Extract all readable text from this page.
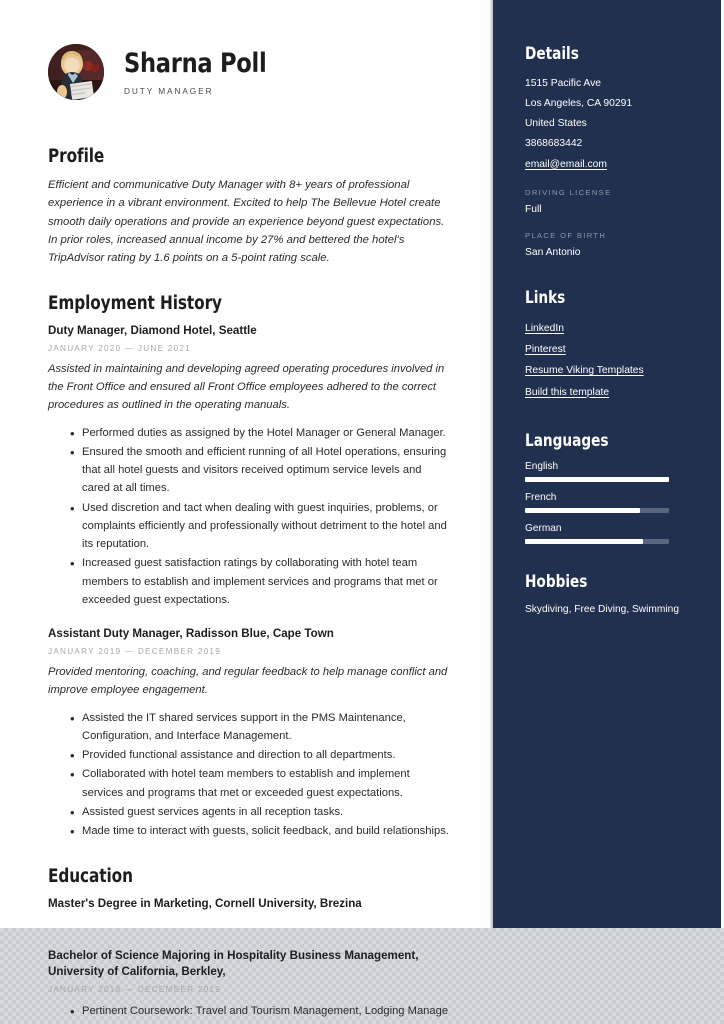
Sharna Poll
DUTY MANAGER
Profile
Efficient and communicative Duty Manager with 8+ years of professional experience in a vibrant environment. Excited to help The Bellevue Hotel create smooth daily operations and provide an experience beyond guest expectations. In prior roles, increased annual income by 27% and bettered the hotel's TripAdvisor rating by 1.6 points on a 5-point rating scale.
Employment History
Duty Manager, Diamond Hotel, Seattle
JANUARY 2020 — JUNE 2021
Assisted in maintaining and developing agreed operating procedures involved in the Front Office and ensured all Front Office employees adhered to the correct procedures as outlined in the operating manuals.
• Performed duties as assigned by the Hotel Manager or General Manager.
• Ensured the smooth and efficient running of all Hotel operations, ensuring that all hotel guests and visitors received optimum service levels and cared at all times.
• Used discretion and tact when dealing with guest inquiries, problems, or complaints efficiently and professionally without detriment to the hotel and its reputation.
• Increased guest satisfaction ratings by collaborating with hotel team members to establish and implement services and programs that met or exceeded guest expectations.
Assistant Duty Manager, Radisson Blue, Cape Town
JANUARY 2019 — DECEMBER 2019
Provided mentoring, coaching, and regular feedback to help manage conflict and improve employee engagement.
• Assisted the IT shared services support in the PMS Maintenance, Configuration, and Interface Management.
• Provided functional assistance and direction to all departments.
• Collaborated with hotel team members to establish and implement services and programs that met or exceeded guest expectations.
• Assisted guest services agents in all reception tasks.
• Made time to interact with guests, solicit feedback, and build relationships.
Education
Master's Degree in Marketing, Cornell University, Brezina
Bachelor of Science Majoring in Hospitality Business Management, University of California, Berkley,
JANUARY 2018 — DECEMBER 2019
• Pertinent Coursework: Travel and Tourism Management, Lodging Manage
Details
1515 Pacific Ave
Los Angeles, CA 90291
United States
3868683442
email@email.com
DRIVING LICENSE
Full
PLACE OF BIRTH
San Antonio
Links
LinkedIn
Pinterest
Resume Viking Templates
Build this template
Languages
English
French
German
Hobbies
Skydiving, Free Diving, Swimming
